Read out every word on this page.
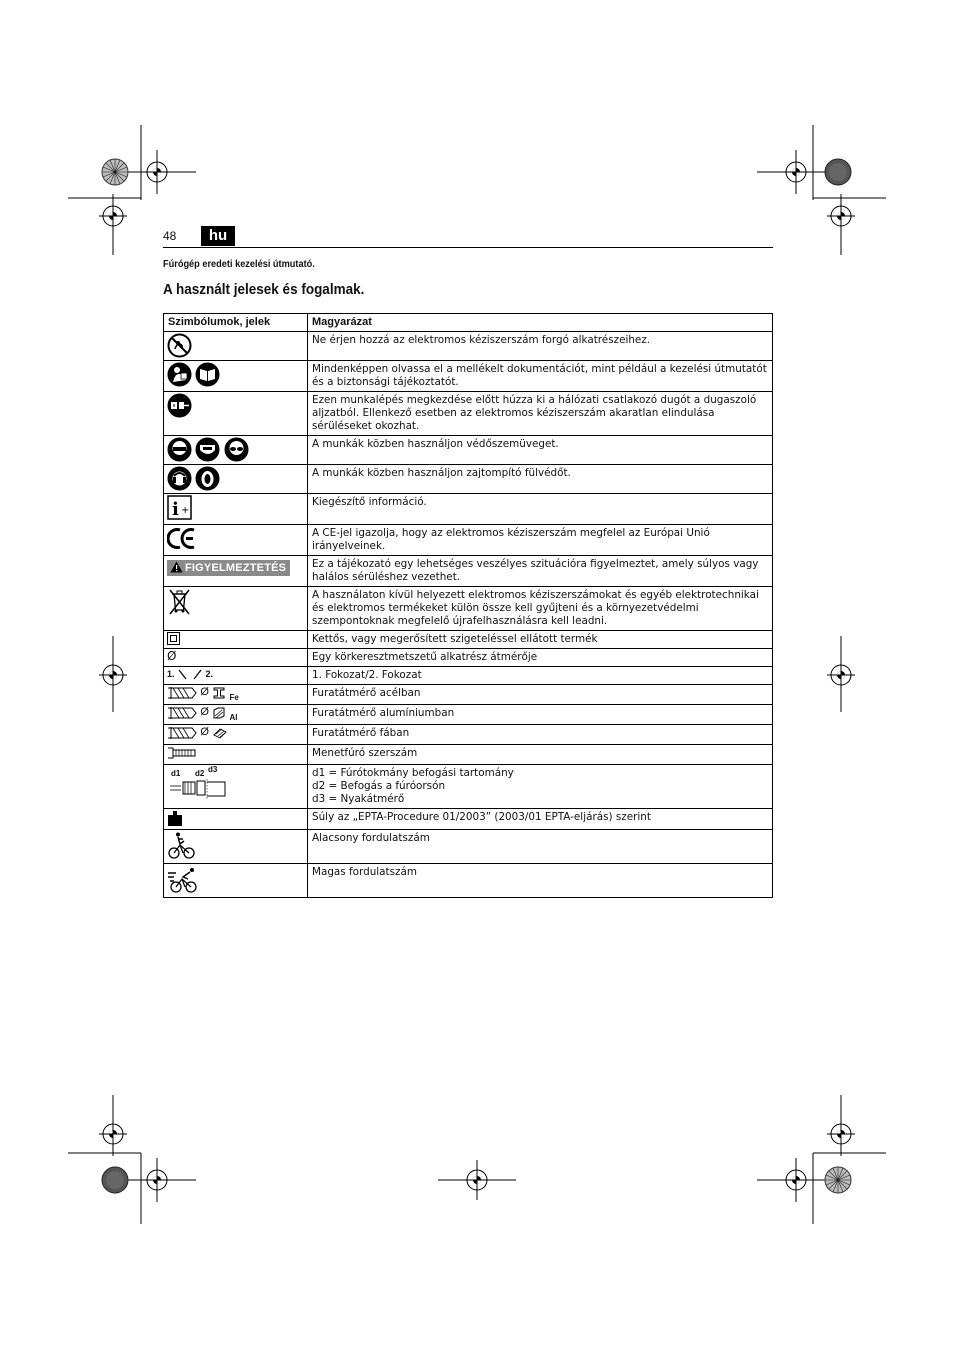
48	hu
Fúrógép eredeti kezelési útmutató.
A használt jelesek és fogalmak.
Szimbólumok, jelek	Magyarázat
	Ne érjen hozzá az elektromos kéziszerszám forgó alkatrészeihez.
	Mindenképpen olvassa el a mellékelt dokumentációt, mint például a kezelési útmutatót és a biztonsági tájékoztatót.
	Ezen munkalépés megkezdése előtt húzza ki a hálózati csatlakozó dugót a dugaszoló aljzatból. Ellenkező esetben az elektromos kéziszerszám akaratlan elindulása sérüléseket okozhat.
	A munkák közben használjon védőszemüveget.
	A munkák közben használjon zajtompító fülvédőt.

i +	Kiegészítő információ.
	A CE-jel igazolja, hogy az elektromos kéziszerszám megfelel az Európai Unió irányelveinek.
FIGYELMEZTETÉS	Ez a tájékozató egy lehetséges veszélyes szituációra figyelmeztet, amely súlyos vagy halálos sérüléshez vezethet.
	A használaton kívül helyezett elektromos kéziszerszámokat és egyéb elektrotechnikai és elektromos termékeket külön össze kell gyűjteni és a környezetvédelmi szempontoknak megfelelő újrafelhasználásra kell leadni.
	Kettős, vagy megerősített szigeteléssel ellátott termék
Ø	Egy körkeresztmetszetű alkatrész átmérője
1. 2.	1. Fokozat/2. Fokozat
Ø $^{Fe}$	Furatátmérő acélban
Ø $^{Al}$	Furatátmérő alumíniumban
Ø	Furatátmérő fában
	Menetfúró szerszám

d1 d2 d3	d1 = Fúrótokmány befogási tartomány
d2 = Befogás a fúróorsón
d3 = Nyakátmérő

	Súly az „EPTA-Procedure 01/2003” (2003/01 EPTA-eljárás) szerint
	Alacsony fordulatszám
	Magas fordulatszám
